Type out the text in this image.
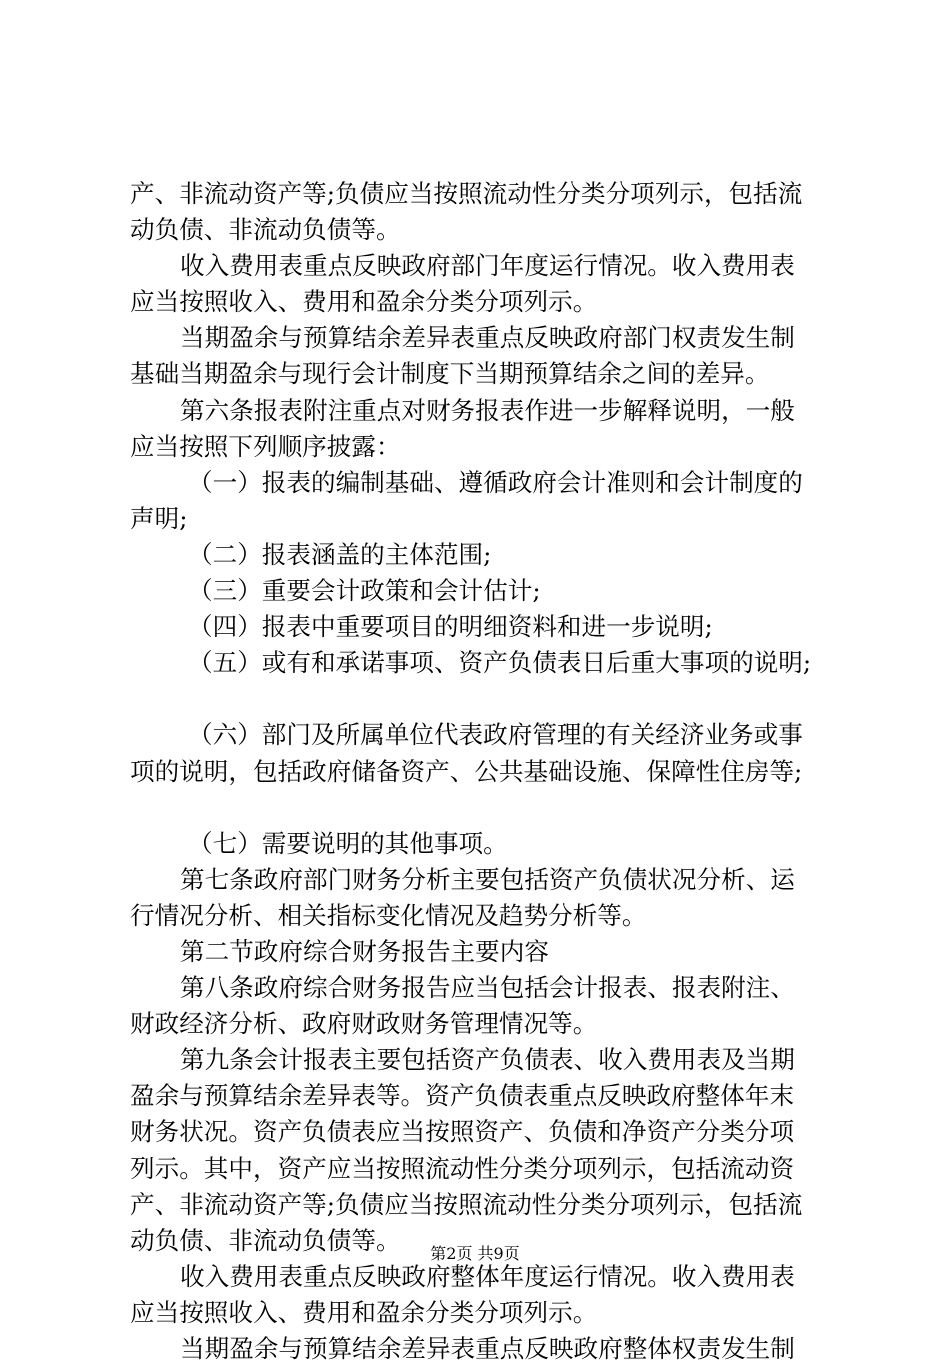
产、非流动资产等;负债应当按照流动性分类分项列示，包括流
动负债、非流动负债等。
收入费用表重点反映政府部门年度运行情况。收入费用表
应当按照收入、费用和盈余分类分项列示。
当期盈余与预算结余差异表重点反映政府部门权责发生制
基础当期盈余与现行会计制度下当期预算结余之间的差异。
第六条报表附注重点对财务报表作进一步解释说明，一般
应当按照下列顺序披露：
（一）报表的编制基础、遵循政府会计准则和会计制度的
声明;
（二）报表涵盖的主体范围;
（三）重要会计政策和会计估计;
（四）报表中重要项目的明细资料和进一步说明;
（五）或有和承诺事项、资产负债表日后重大事项的说明;
（六）部门及所属单位代表政府管理的有关经济业务或事
项的说明，包括政府储备资产、公共基础设施、保障性住房等;
（七）需要说明的其他事项。
第七条政府部门财务分析主要包括资产负债状况分析、运
行情况分析、相关指标变化情况及趋势分析等。
第二节政府综合财务报告主要内容
第八条政府综合财务报告应当包括会计报表、报表附注、
财政经济分析、政府财政财务管理情况等。
第九条会计报表主要包括资产负债表、收入费用表及当期
盈余与预算结余差异表等。资产负债表重点反映政府整体年末
财务状况。资产负债表应当按照资产、负债和净资产分类分项
列示。其中，资产应当按照流动性分类分项列示，包括流动资
产、非流动资产等;负债应当按照流动性分类分项列示，包括流
动负债、非流动负债等。
收入费用表重点反映政府整体年度运行情况。收入费用表
应当按照收入、费用和盈余分类分项列示。
当期盈余与预算结余差异表重点反映政府整体权责发生制
第2页 共9页
